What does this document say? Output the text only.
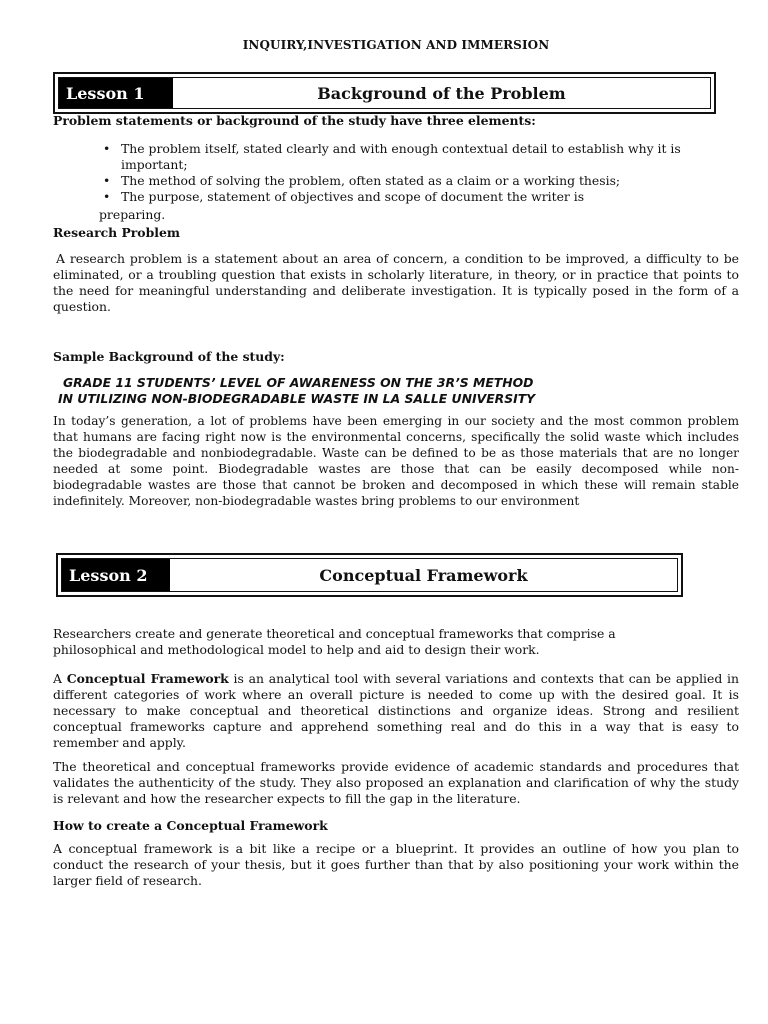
INQUIRY,INVESTIGATION AND IMMERSION
Lesson 1	Background of the Problem
Problem statements or background of the study have three elements:
• The problem itself, stated clearly and with enough contextual detail to establish why it is important;
• The method of solving the problem, often stated as a claim or a working thesis;
• The purpose, statement of objectives and scope of document the writer is
preparing.
Research Problem
A research problem is a statement about an area of concern, a condition to be improved, a difficulty to be eliminated, or a troubling question that exists in scholarly literature, in theory, or in practice that points to the need for meaningful understanding and deliberate investigation. It is typically posed in the form of a question.
Sample Background of the study:
GRADE 11 STUDENTS’ LEVEL OF AWARENESS ON THE 3R’S METHOD
IN UTILIZING NON-BIODEGRADABLE WASTE IN LA SALLE UNIVERSITY
In today’s generation, a lot of problems have been emerging in our society and the most common problem that humans are facing right now is the environmental concerns, specifically the solid waste which includes the biodegradable and nonbiodegradable. Waste can be defined to be as those materials that are no longer needed at some point. Biodegradable wastes are those that can be easily decomposed while non-biodegradable wastes are those that cannot be broken and decomposed in which these will remain stable indefinitely. Moreover, non-biodegradable wastes bring problems to our environment
Lesson 2	Conceptual Framework
Researchers create and generate theoretical and conceptual frameworks that comprise a philosophical and methodological model to help and aid to design their work.
A Conceptual Framework is an analytical tool with several variations and contexts that can be applied in different categories of work where an overall picture is needed to come up with the desired goal. It is necessary to make conceptual and theoretical distinctions and organize ideas. Strong and resilient conceptual frameworks capture and apprehend something real and do this in a way that is easy to remember and apply.
The theoretical and conceptual frameworks provide evidence of academic standards and procedures that validates the authenticity of the study. They also proposed an explanation and clarification of why the study is relevant and how the researcher expects to fill the gap in the literature.
How to create a Conceptual Framework
A conceptual framework is a bit like a recipe or a blueprint. It provides an outline of how you plan to conduct the research of your thesis, but it goes further than that by also positioning your work within the larger field of research.
